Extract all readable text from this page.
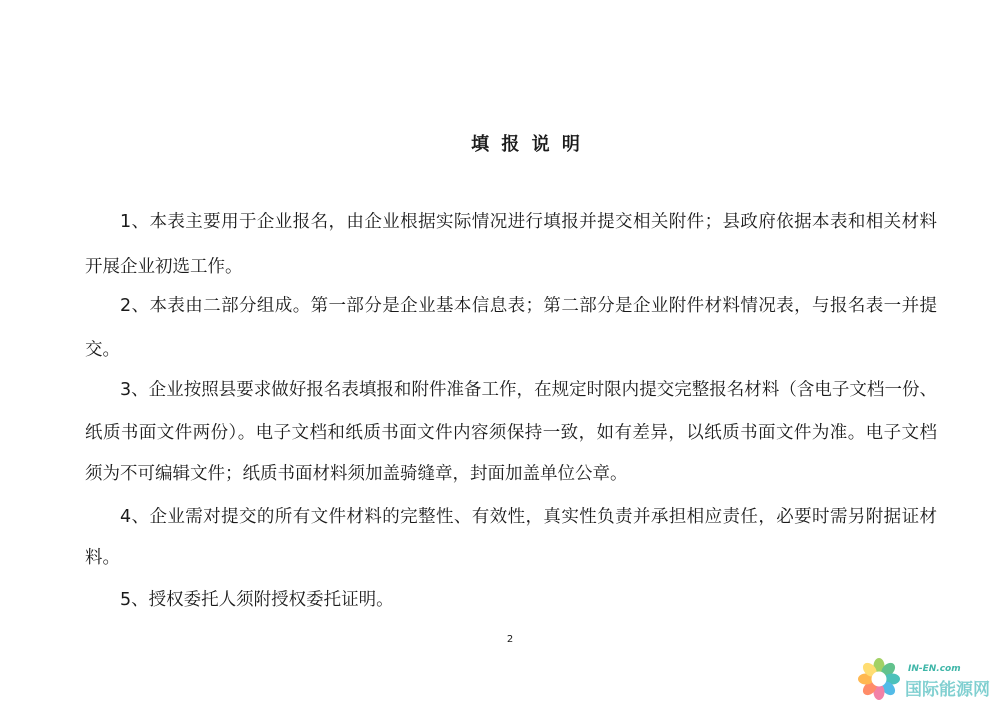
填 报 说 明
1、本表主要用于企业报名，由企业根据实际情况进行填报并提交相关附件；县政府依据本表和相关材料
开展企业初选工作。
2、本表由二部分组成。第一部分是企业基本信息表；第二部分是企业附件材料情况表，与报名表一并提
交。
3、企业按照县要求做好报名表填报和附件准备工作，在规定时限内提交完整报名材料（含电子文档一份、
纸质书面文件两份）。电子文档和纸质书面文件内容须保持一致，如有差异，以纸质书面文件为准。电子文档
须为不可编辑文件；纸质书面材料须加盖骑缝章，封面加盖单位公章。
4、企业需对提交的所有文件材料的完整性、有效性，真实性负责并承担相应责任，必要时需另附据证材
料。
5、授权委托人须附授权委托证明。
2
IN-EN.com
国际能源网
